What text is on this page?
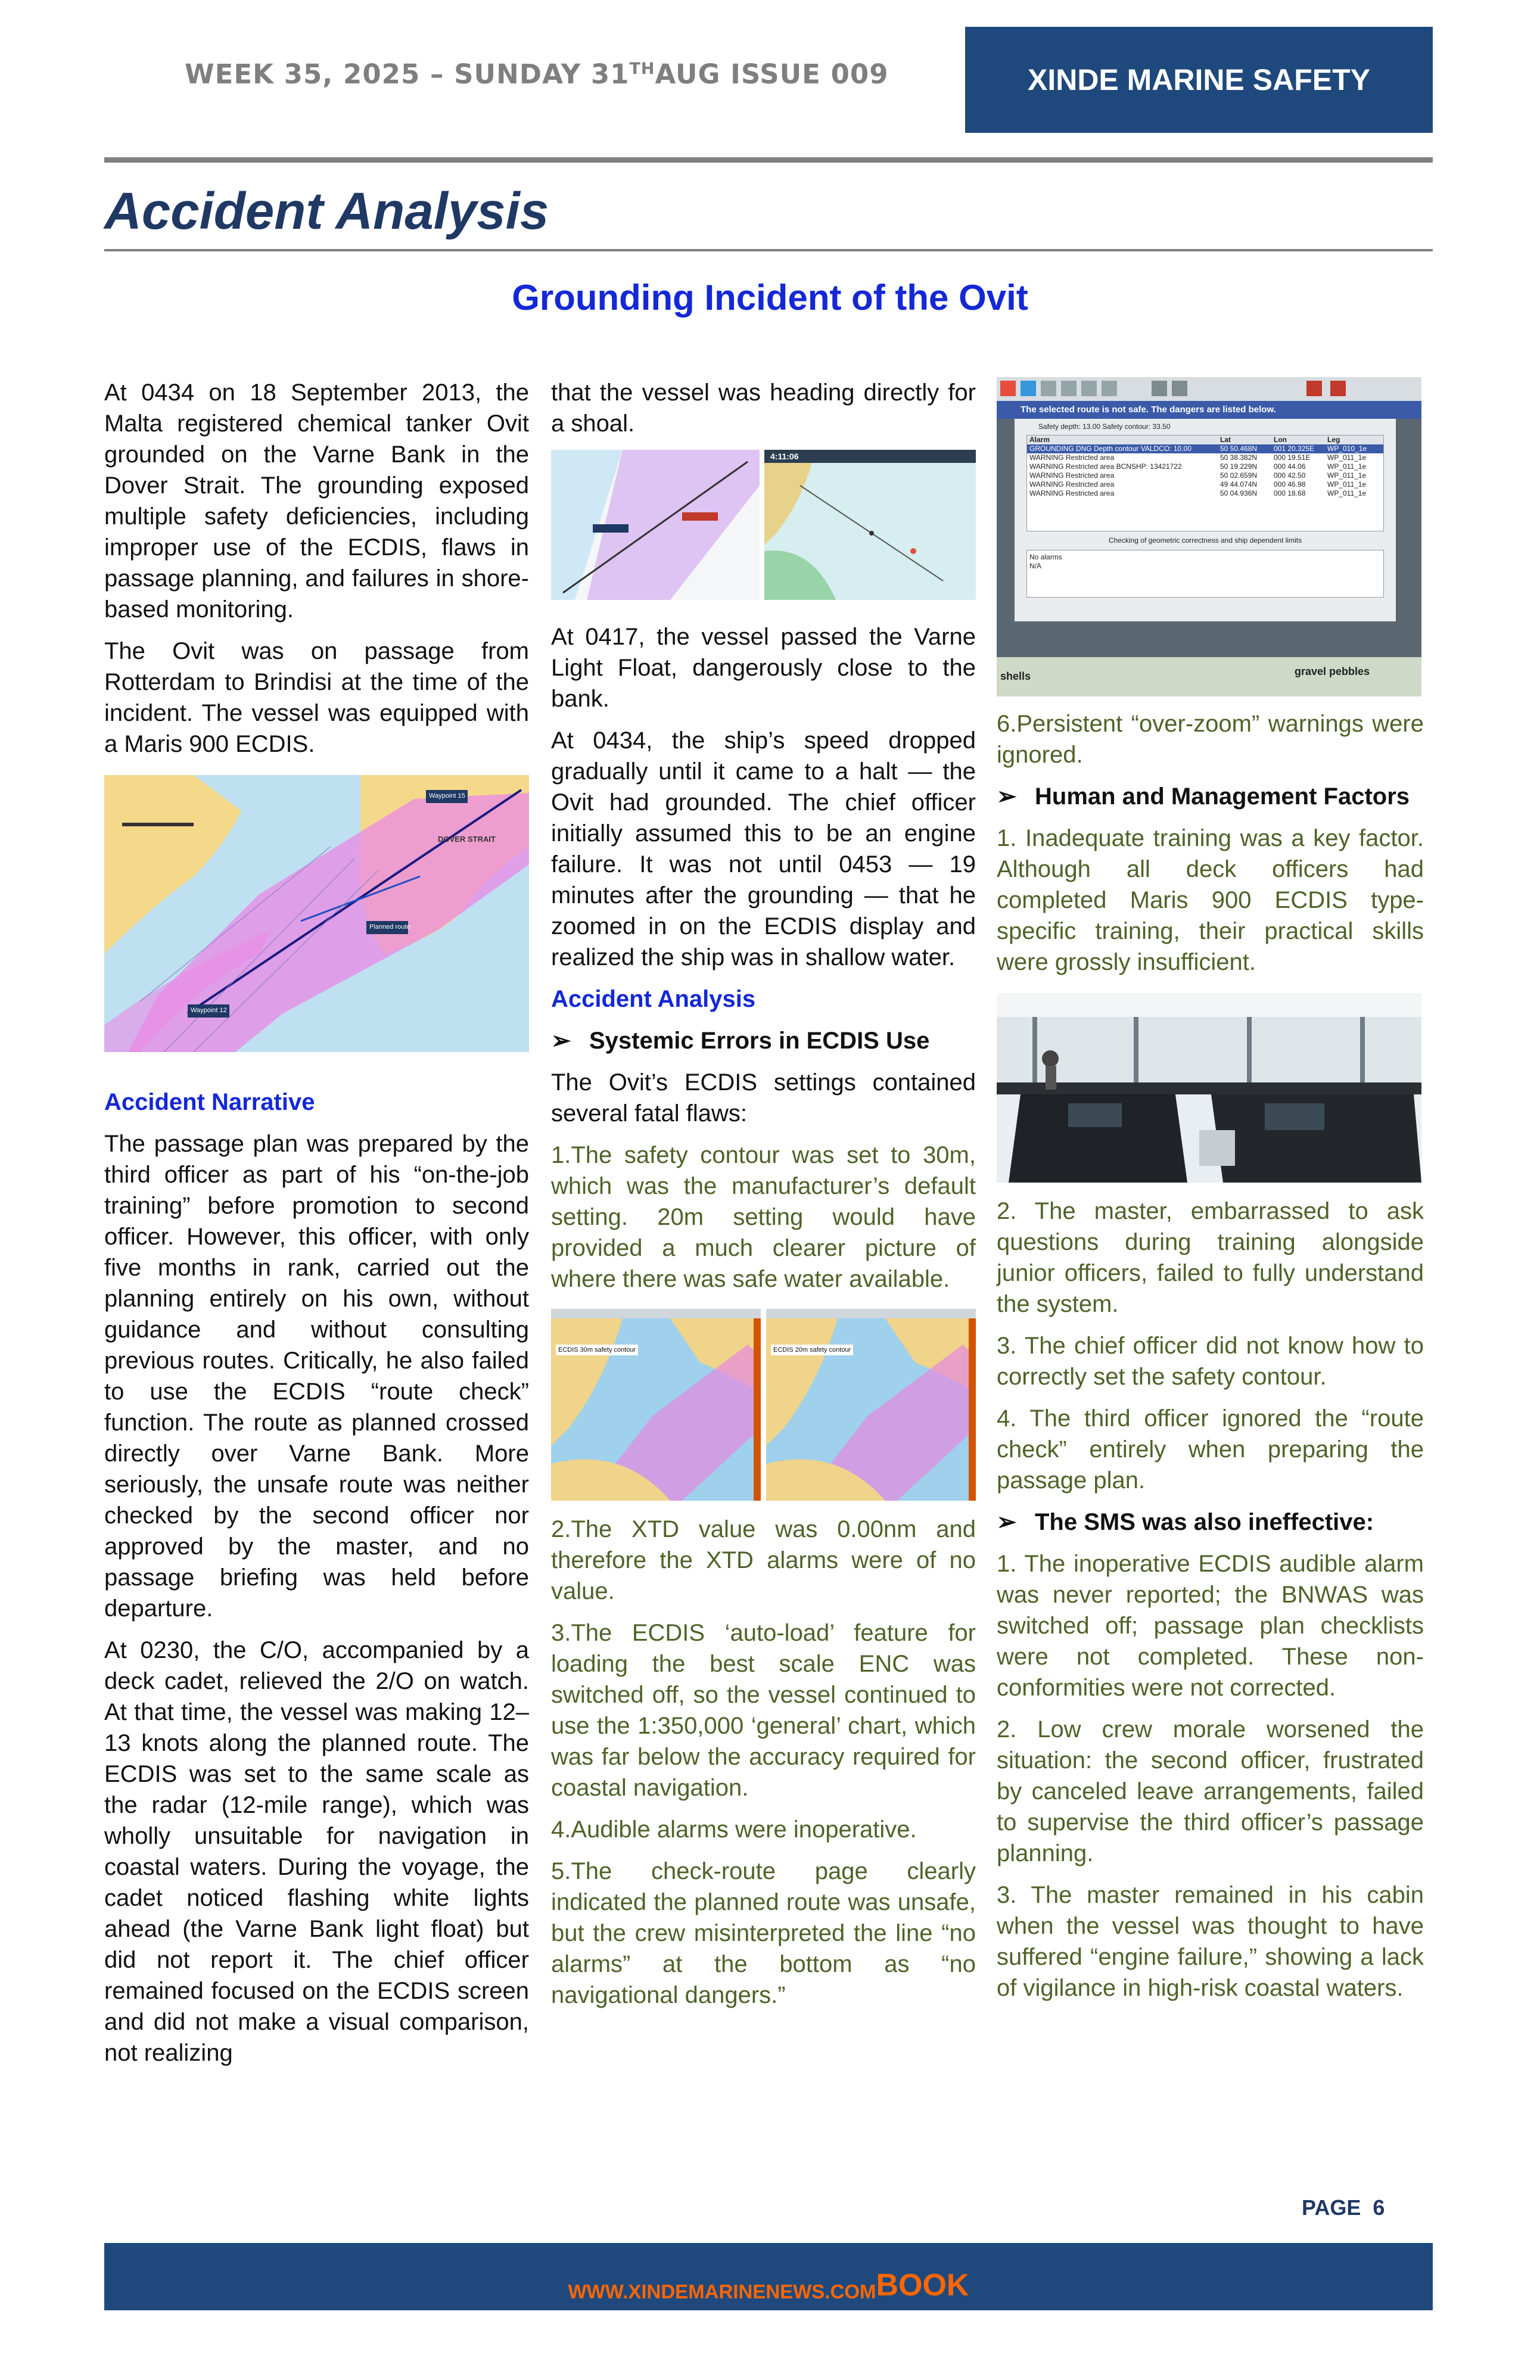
WEEK 35, 2025 – SUNDAY 31THAUG ISSUE 009	XINDE MARINE SAFETY
Accident Analysis
Grounding Incident of the Ovit

At 0434 on 18 September 2013, the Malta registered chemical tanker Ovit grounded on the Varne Bank in the Dover Strait. The grounding exposed multiple safety deficiencies, including improper use of the ECDIS, flaws in passage planning, and failures in shore-based monitoring.

The Ovit was on passage from Rotterdam to Brindisi at the time of the incident. The vessel was equipped with a Maris 900 ECDIS.

Waypoint 15
Planned route
Waypoint 12
DOVER STRAIT
Accident Narrative

The passage plan was prepared by the third officer as part of his “on-the-job training” before promotion to second officer. However, this officer, with only five months in rank, carried out the planning entirely on his own, without guidance and without consulting previous routes. Critically, he also failed to use the ECDIS “route check” function. The route as planned crossed directly over Varne Bank. More seriously, the unsafe route was neither checked by the second officer nor approved by the master, and no passage briefing was held before departure.

At 0230, the C/O, accompanied by a deck cadet, relieved the 2/O on watch. At that time, the vessel was making 12–13 knots along the planned route. The ECDIS was set to the same scale as the radar (12-mile range), which was wholly unsuitable for navigation in coastal waters. During the voyage, the cadet noticed flashing white lights ahead (the Varne Bank light float) but did not report it. The chief officer remained focused on the ECDIS screen and did not make a visual comparison, not realizing

that the vessel was heading directly for a shoal.

4:11:06

At 0417, the vessel passed the Varne Light Float, dangerously close to the bank.

At 0434, the ship’s speed dropped gradually until it came to a halt — the Ovit had grounded. The chief officer initially assumed this to be an engine failure. It was not until 0453 — 19 minutes after the grounding — that he zoomed in on the ECDIS display and realized the ship was in shallow water.

Accident Analysis
➢ Systemic Errors in ECDIS Use

The Ovit’s ECDIS settings contained several fatal flaws:

1.The safety contour was set to 30m, which was the manufacturer’s default setting. 20m setting would have provided a much clearer picture of where there was safe water available.

ECDIS 30m safety contour	ECDIS 20m safety contour

2.The XTD value was 0.00nm and therefore the XTD alarms were of no value.

3.The ECDIS ‘auto-load’ feature for loading the best scale ENC was switched off, so the vessel continued to use the 1:350,000 ‘general’ chart, which was far below the accuracy required for coastal navigation.

4.Audible alarms were inoperative.

5.The check-route page clearly indicated the planned route was unsafe, but the crew misinterpreted the line “no alarms” at the bottom as “no navigational dangers.”

The selected route is not safe. The dangers are listed below.
Safety depth: 13.00 Safety contour: 33.50
Alarm	Lat	Lon	Leg
GROUNDING DNG Depth contour VALDCO: 10.00	50 50.468N	001 20.325E	WP_010_1e
WARNING Restricted area	50 38.382N	000 19.51E	WP_011_1e
WARNING Restricted area BCNSHP: 13421722	50 19.229N	000 44.06	WP_011_1e
WARNING Restricted area	50 02.659N	000 42.50	WP_011_1e
WARNING Restricted area	49 44.074N	000 46.98	WP_011_1e
WARNING Restricted area	50 04.936N	000 18.68	WP_011_1e
Checking of geometric correctness and ship dependent limits
No alarms
N/A
shells	gravel pebbles

6.Persistent “over-zoom” warnings were ignored.

➢ Human and Management Factors

1. Inadequate training was a key factor. Although all deck officers had completed Maris 900 ECDIS type-specific training, their practical skills were grossly insufficient.

2. The master, embarrassed to ask questions during training alongside junior officers, failed to fully understand the system.

3. The chief officer did not know how to correctly set the safety contour.

4. The third officer ignored the “route check” entirely when preparing the passage plan.

➢ The SMS was also ineffective:

1. The inoperative ECDIS audible alarm was never reported; the BNWAS was switched off; passage plan checklists were not completed. These non-conformities were not corrected.

2. Low crew morale worsened the situation: the second officer, frustrated by canceled leave arrangements, failed to supervise the third officer’s passage planning.

3. The master remained in his cabin when the vessel was thought to have suffered “engine failure,” showing a lack of vigilance in high-risk coastal waters.

PAGE 6
WWW.XINDEMARINENEWS.COM BOOK
